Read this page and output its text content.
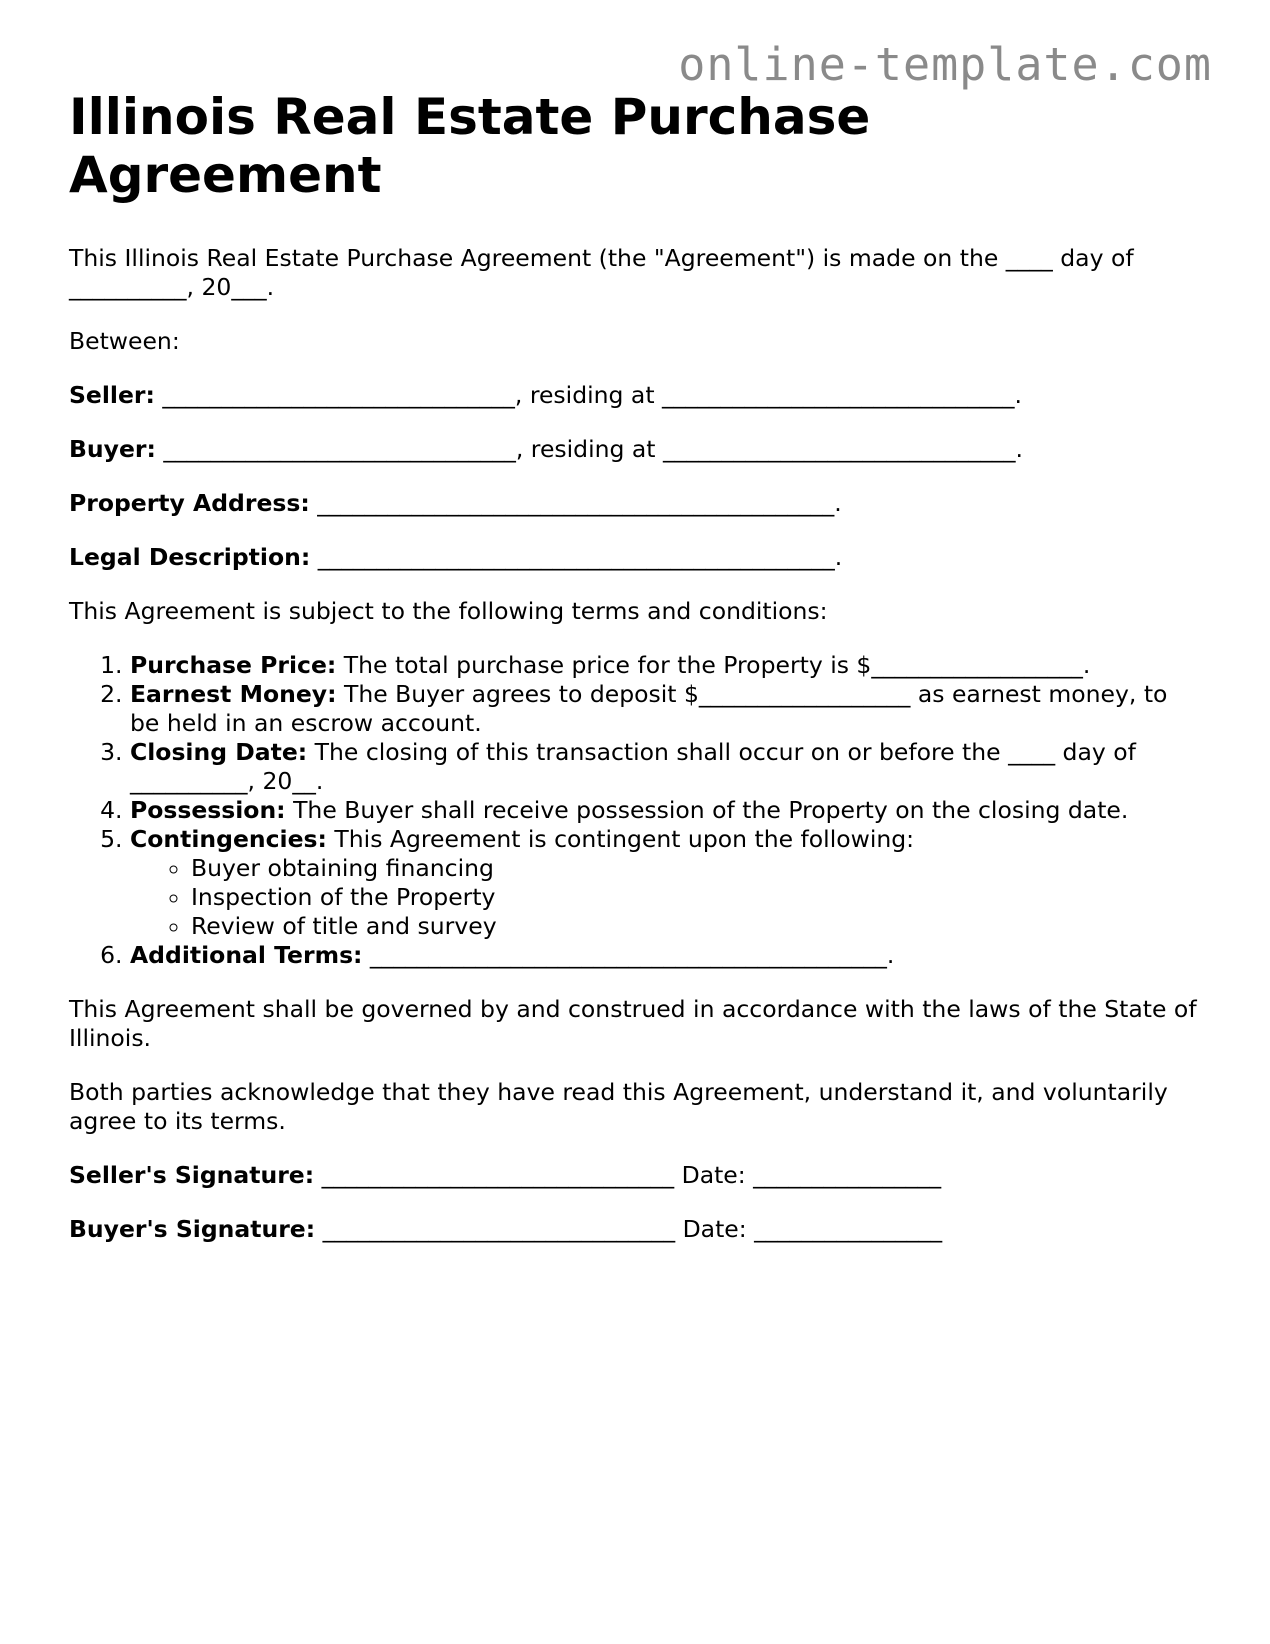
online-template.com
Illinois Real Estate Purchase Agreement

This Illinois Real Estate Purchase Agreement (the "Agreement") is made on the ____ day of __________, 20___.

Between:

Seller: ______________________________, residing at ______________________________.

Buyer: ______________________________, residing at ______________________________.

Property Address: ____________________________________________.

Legal Description: ____________________________________________.

This Agreement is subject to the following terms and conditions:

1. Purchase Price: The total purchase price for the Property is $__________________.
2. Earnest Money: The Buyer agrees to deposit $__________________ as earnest money, to be held in an escrow account.
3. Closing Date: The closing of this transaction shall occur on or before the ____ day of __________, 20__.
4. Possession: The Buyer shall receive possession of the Property on the closing date.
5. Contingencies: This Agreement is contingent upon the following:
◦ Buyer obtaining financing
◦ Inspection of the Property
◦ Review of title and survey
6. Additional Terms: ____________________________________________.

This Agreement shall be governed by and construed in accordance with the laws of the State of Illinois.

Both parties acknowledge that they have read this Agreement, understand it, and voluntarily agree to its terms.

Seller's Signature: ______________________________ Date: ________________

Buyer's Signature: ______________________________ Date: ________________
